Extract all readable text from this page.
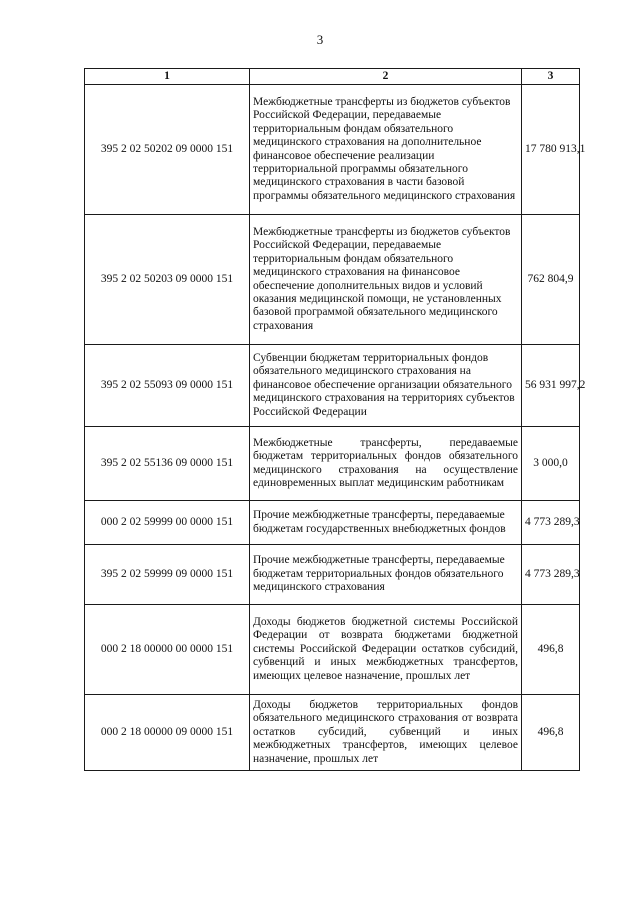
3
1	2	3
395 2 02 50202 09 0000 151	Межбюджетные трансферты из бюджетов субъектов Российской Федерации, передаваемые территориальным фондам обязательного медицинского страхования на дополнительное финансовое обеспечение реализации территориальной программы обязательного медицинского страхования в части базовой программы обязательного медицинского страхования	17 780 913,1
395 2 02 50203 09 0000 151	Межбюджетные трансферты из бюджетов субъектов Российской Федерации, передаваемые территориальным фондам обязательного медицинского страхования на финансовое обеспечение дополнительных видов и условий оказания медицинской помощи, не установленных базовой программой обязательного медицинского страхования	762 804,9
395 2 02 55093 09 0000 151	Субвенции бюджетам территориальных фондов обязательного медицинского страхования на финансовое обеспечение организации обязательного медицинского страхования на территориях субъектов Российской Федерации	56 931 997,2
395 2 02 55136 09 0000 151	Межбюджетные трансферты, передаваемые бюджетам территориальных фондов обязательного медицинского страхования на осуществление единовременных выплат медицинским работникам	3 000,0
000 2 02 59999 00 0000 151	Прочие межбюджетные трансферты, передаваемые бюджетам государственных внебюджетных фондов	4 773 289,3
395 2 02 59999 09 0000 151	Прочие межбюджетные трансферты, передаваемые бюджетам территориальных фондов обязательного медицинского страхования	4 773 289,3
000 2 18 00000 00 0000 151	Доходы бюджетов бюджетной системы Российской Федерации от возврата бюджетами бюджетной системы Российской Федерации остатков субсидий, субвенций и иных межбюджетных трансфертов, имеющих целевое назначение, прошлых лет	496,8
000 2 18 00000 09 0000 151	Доходы бюджетов территориальных фондов обязательного медицинского страхования от возврата остатков субсидий, субвенций и иных межбюджетных трансфертов, имеющих целевое назначение, прошлых лет	496,8
